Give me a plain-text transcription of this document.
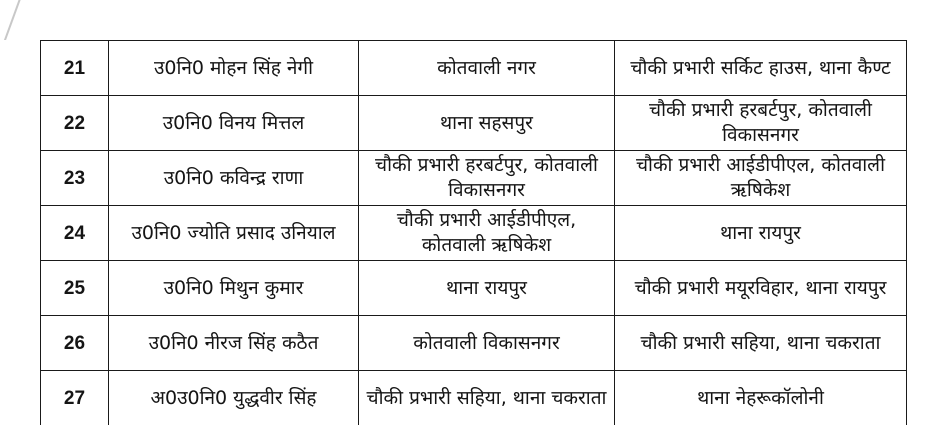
21	उ0नि0 मोहन सिंह नेगी	कोतवाली नगर	चौकी प्रभारी सर्किट हाउस, थाना कैण्ट
22	उ0नि0 विनय मित्तल	थाना सहसपुर	चौकी प्रभारी हरबर्टपुर, कोतवाली विकासनगर
23	उ0नि0 कविन्द्र राणा	चौकी प्रभारी हरबर्टपुर, कोतवाली विकासनगर	चौकी प्रभारी आईडीपीएल, कोतवाली ऋषिकेश
24	उ0नि0 ज्योति प्रसाद उनियाल	चौकी प्रभारी आईडीपीएल, कोतवाली ऋषिकेश	थाना रायपुर
25	उ0नि0 मिथुन कुमार	थाना रायपुर	चौकी प्रभारी मयूरविहार, थाना रायपुर
26	उ0नि0 नीरज सिंह कठैत	कोतवाली विकासनगर	चौकी प्रभारी सहिया, थाना चकराता
27	अ0उ0नि0 युद्धवीर सिंह	चौकी प्रभारी सहिया, थाना चकराता	थाना नेहरूकॉलोनी
